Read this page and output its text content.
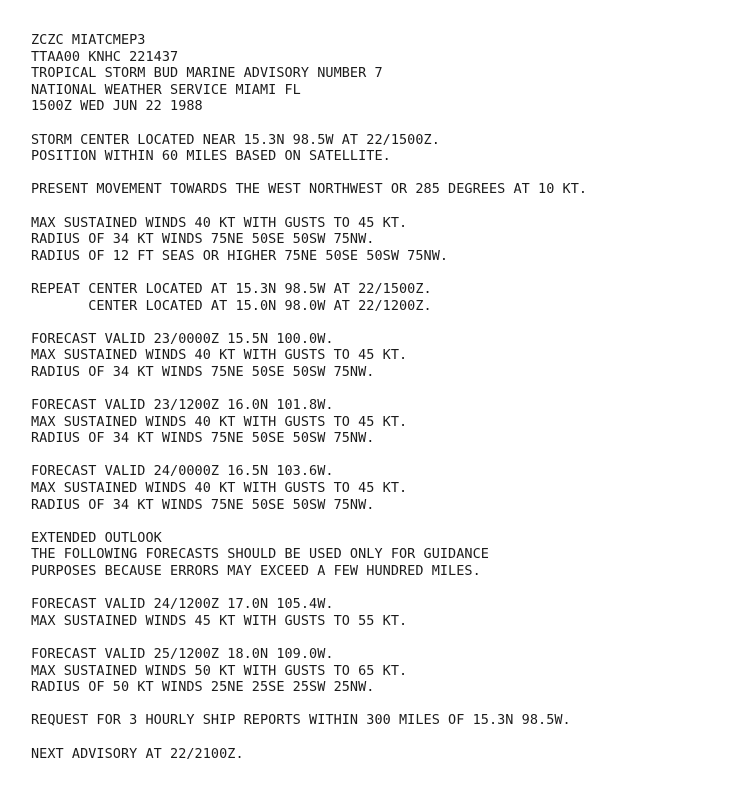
ZCZC MIATCMEP3
TTAA00 KNHC 221437
TROPICAL STORM BUD MARINE ADVISORY NUMBER 7
NATIONAL WEATHER SERVICE MIAMI FL
1500Z WED JUN 22 1988
STORM CENTER LOCATED NEAR 15.3N 98.5W AT 22/1500Z.
POSITION WITHIN 60 MILES BASED ON SATELLITE.
PRESENT MOVEMENT TOWARDS THE WEST NORTHWEST OR 285 DEGREES AT 10 KT.
MAX SUSTAINED WINDS 40 KT WITH GUSTS TO 45 KT.
RADIUS OF 34 KT WINDS 75NE 50SE 50SW 75NW.
RADIUS OF 12 FT SEAS OR HIGHER 75NE 50SE 50SW 75NW.
REPEAT CENTER LOCATED AT 15.3N 98.5W AT 22/1500Z.
CENTER LOCATED AT 15.0N 98.0W AT 22/1200Z.
FORECAST VALID 23/0000Z 15.5N 100.0W.
MAX SUSTAINED WINDS 40 KT WITH GUSTS TO 45 KT.
RADIUS OF 34 KT WINDS 75NE 50SE 50SW 75NW.
FORECAST VALID 23/1200Z 16.0N 101.8W.
MAX SUSTAINED WINDS 40 KT WITH GUSTS TO 45 KT.
RADIUS OF 34 KT WINDS 75NE 50SE 50SW 75NW.
FORECAST VALID 24/0000Z 16.5N 103.6W.
MAX SUSTAINED WINDS 40 KT WITH GUSTS TO 45 KT.
RADIUS OF 34 KT WINDS 75NE 50SE 50SW 75NW.
EXTENDED OUTLOOK
THE FOLLOWING FORECASTS SHOULD BE USED ONLY FOR GUIDANCE
PURPOSES BECAUSE ERRORS MAY EXCEED A FEW HUNDRED MILES.
FORECAST VALID 24/1200Z 17.0N 105.4W.
MAX SUSTAINED WINDS 45 KT WITH GUSTS TO 55 KT.
FORECAST VALID 25/1200Z 18.0N 109.0W.
MAX SUSTAINED WINDS 50 KT WITH GUSTS TO 65 KT.
RADIUS OF 50 KT WINDS 25NE 25SE 25SW 25NW.
REQUEST FOR 3 HOURLY SHIP REPORTS WITHIN 300 MILES OF 15.3N 98.5W.
NEXT ADVISORY AT 22/2100Z.
